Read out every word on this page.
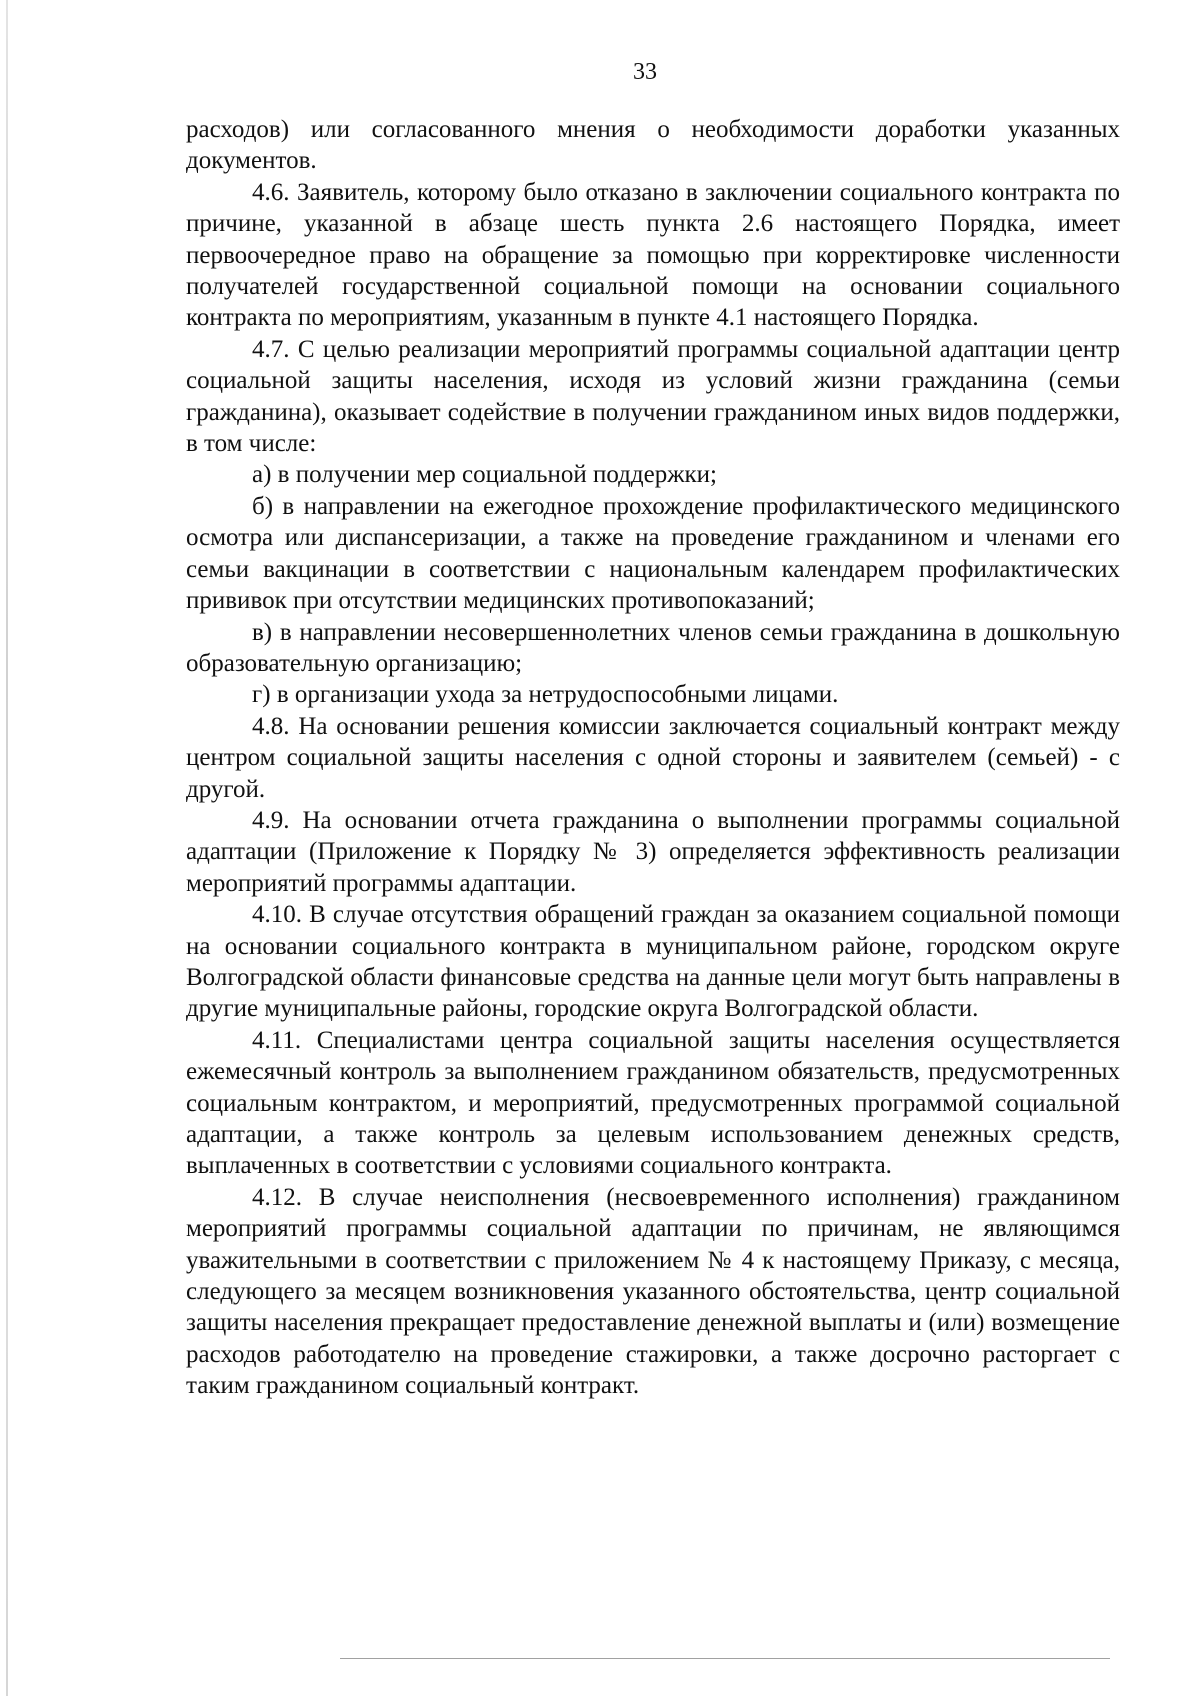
33

расходов) или согласованного мнения о необходимости доработки указанных документов.

4.6. Заявитель, которому было отказано в заключении социального контракта по причине, указанной в абзаце шесть пункта 2.6 настоящего Порядка, имеет первоочередное право на обращение за помощью при корректировке численности получателей государственной социальной помощи на основании социального контракта по мероприятиям, указанным в пункте 4.1 настоящего Порядка.

4.7. С целью реализации мероприятий программы социальной адаптации центр социальной защиты населения, исходя из условий жизни гражданина (семьи гражданина), оказывает содействие в получении гражданином иных видов поддержки, в том числе:

а) в получении мер социальной поддержки;

б) в направлении на ежегодное прохождение профилактического медицинского осмотра или диспансеризации, а также на проведение гражданином и членами его семьи вакцинации в соответствии с национальным календарем профилактических прививок при отсутствии медицинских противопоказаний;

в) в направлении несовершеннолетних членов семьи гражданина в дошкольную образовательную организацию;

г) в организации ухода за нетрудоспособными лицами.

4.8. На основании решения комиссии заключается социальный контракт между центром социальной защиты населения с одной стороны и заявителем (семьей) - с другой.

4.9. На основании отчета гражданина о выполнении программы социальной адаптации (Приложение к Порядку № 3) определяется эффективность реализации мероприятий программы адаптации.

4.10. В случае отсутствия обращений граждан за оказанием социальной помощи на основании социального контракта в муниципальном районе, городском округе Волгоградской области финансовые средства на данные цели могут быть направлены в другие муниципальные районы, городские округа Волгоградской области.

4.11. Специалистами центра социальной защиты населения осуществляется ежемесячный контроль за выполнением гражданином обязательств, предусмотренных социальным контрактом, и мероприятий, предусмотренных программой социальной адаптации, а также контроль за целевым использованием денежных средств, выплаченных в соответствии с условиями социального контракта.

4.12. В случае неисполнения (несвоевременного исполнения) гражданином мероприятий программы социальной адаптации по причинам, не являющимся уважительными в соответствии с приложением № 4 к настоящему Приказу, с месяца, следующего за месяцем возникновения указанного обстоятельства, центр социальной защиты населения прекращает предоставление денежной выплаты и (или) возмещение расходов работодателю на проведение стажировки, а также досрочно расторгает с таким гражданином социальный контракт.
